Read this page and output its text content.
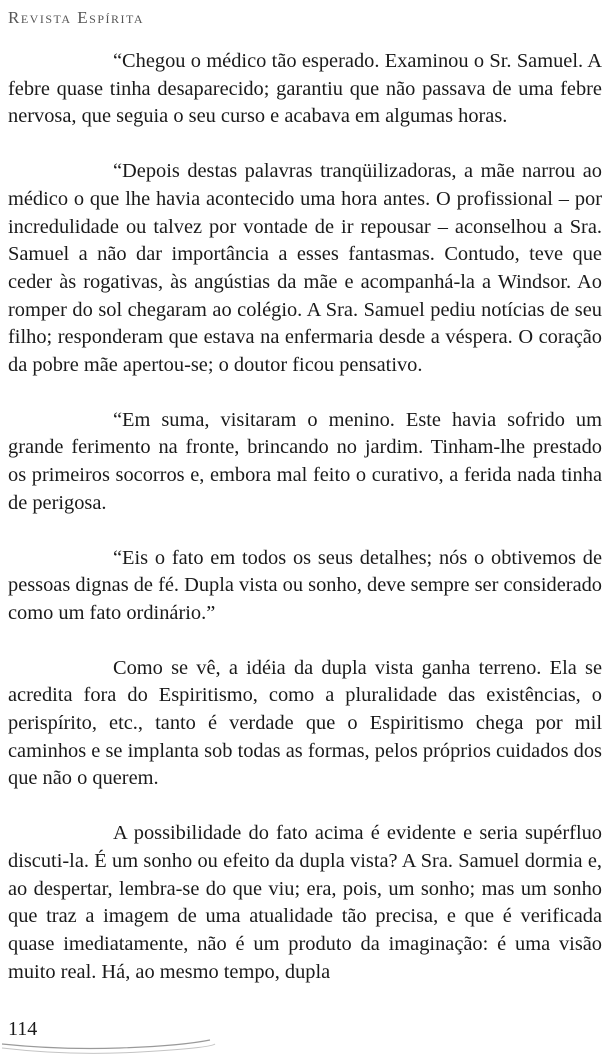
Revista Espírita

“Chegou o médico tão esperado. Examinou o Sr. Samuel. A febre quase tinha desaparecido; garantiu que não passava de uma febre nervosa, que seguia o seu curso e acabava em algumas horas.

“Depois destas palavras tranqüilizadoras, a mãe narrou ao médico o que lhe havia acontecido uma hora antes. O profissional – por incredulidade ou talvez por vontade de ir repousar – aconselhou a Sra. Samuel a não dar importância a esses fantasmas. Contudo, teve que ceder às rogativas, às angústias da mãe e acompanhá-la a Windsor. Ao romper do sol chegaram ao colégio. A Sra. Samuel pediu notícias de seu filho; responderam que estava na enfermaria desde a véspera. O coração da pobre mãe apertou-se; o doutor ficou pensativo.

“Em suma, visitaram o menino. Este havia sofrido um grande ferimento na fronte, brincando no jardim. Tinham-lhe prestado os primeiros socorros e, embora mal feito o curativo, a ferida nada tinha de perigosa.

“Eis o fato em todos os seus detalhes; nós o obtivemos de pessoas dignas de fé. Dupla vista ou sonho, deve sempre ser considerado como um fato ordinário.”

Como se vê, a idéia da dupla vista ganha terreno. Ela se acredita fora do Espiritismo, como a pluralidade das existências, o perispírito, etc., tanto é verdade que o Espiritismo chega por mil caminhos e se implanta sob todas as formas, pelos próprios cuidados dos que não o querem.

A possibilidade do fato acima é evidente e seria supérfluo discuti-la. É um sonho ou efeito da dupla vista? A Sra. Samuel dormia e, ao despertar, lembra-se do que viu; era, pois, um sonho; mas um sonho que traz a imagem de uma atualidade tão precisa, e que é verificada quase imediatamente, não é um produto da imaginação: é uma visão muito real. Há, ao mesmo tempo, dupla

114
